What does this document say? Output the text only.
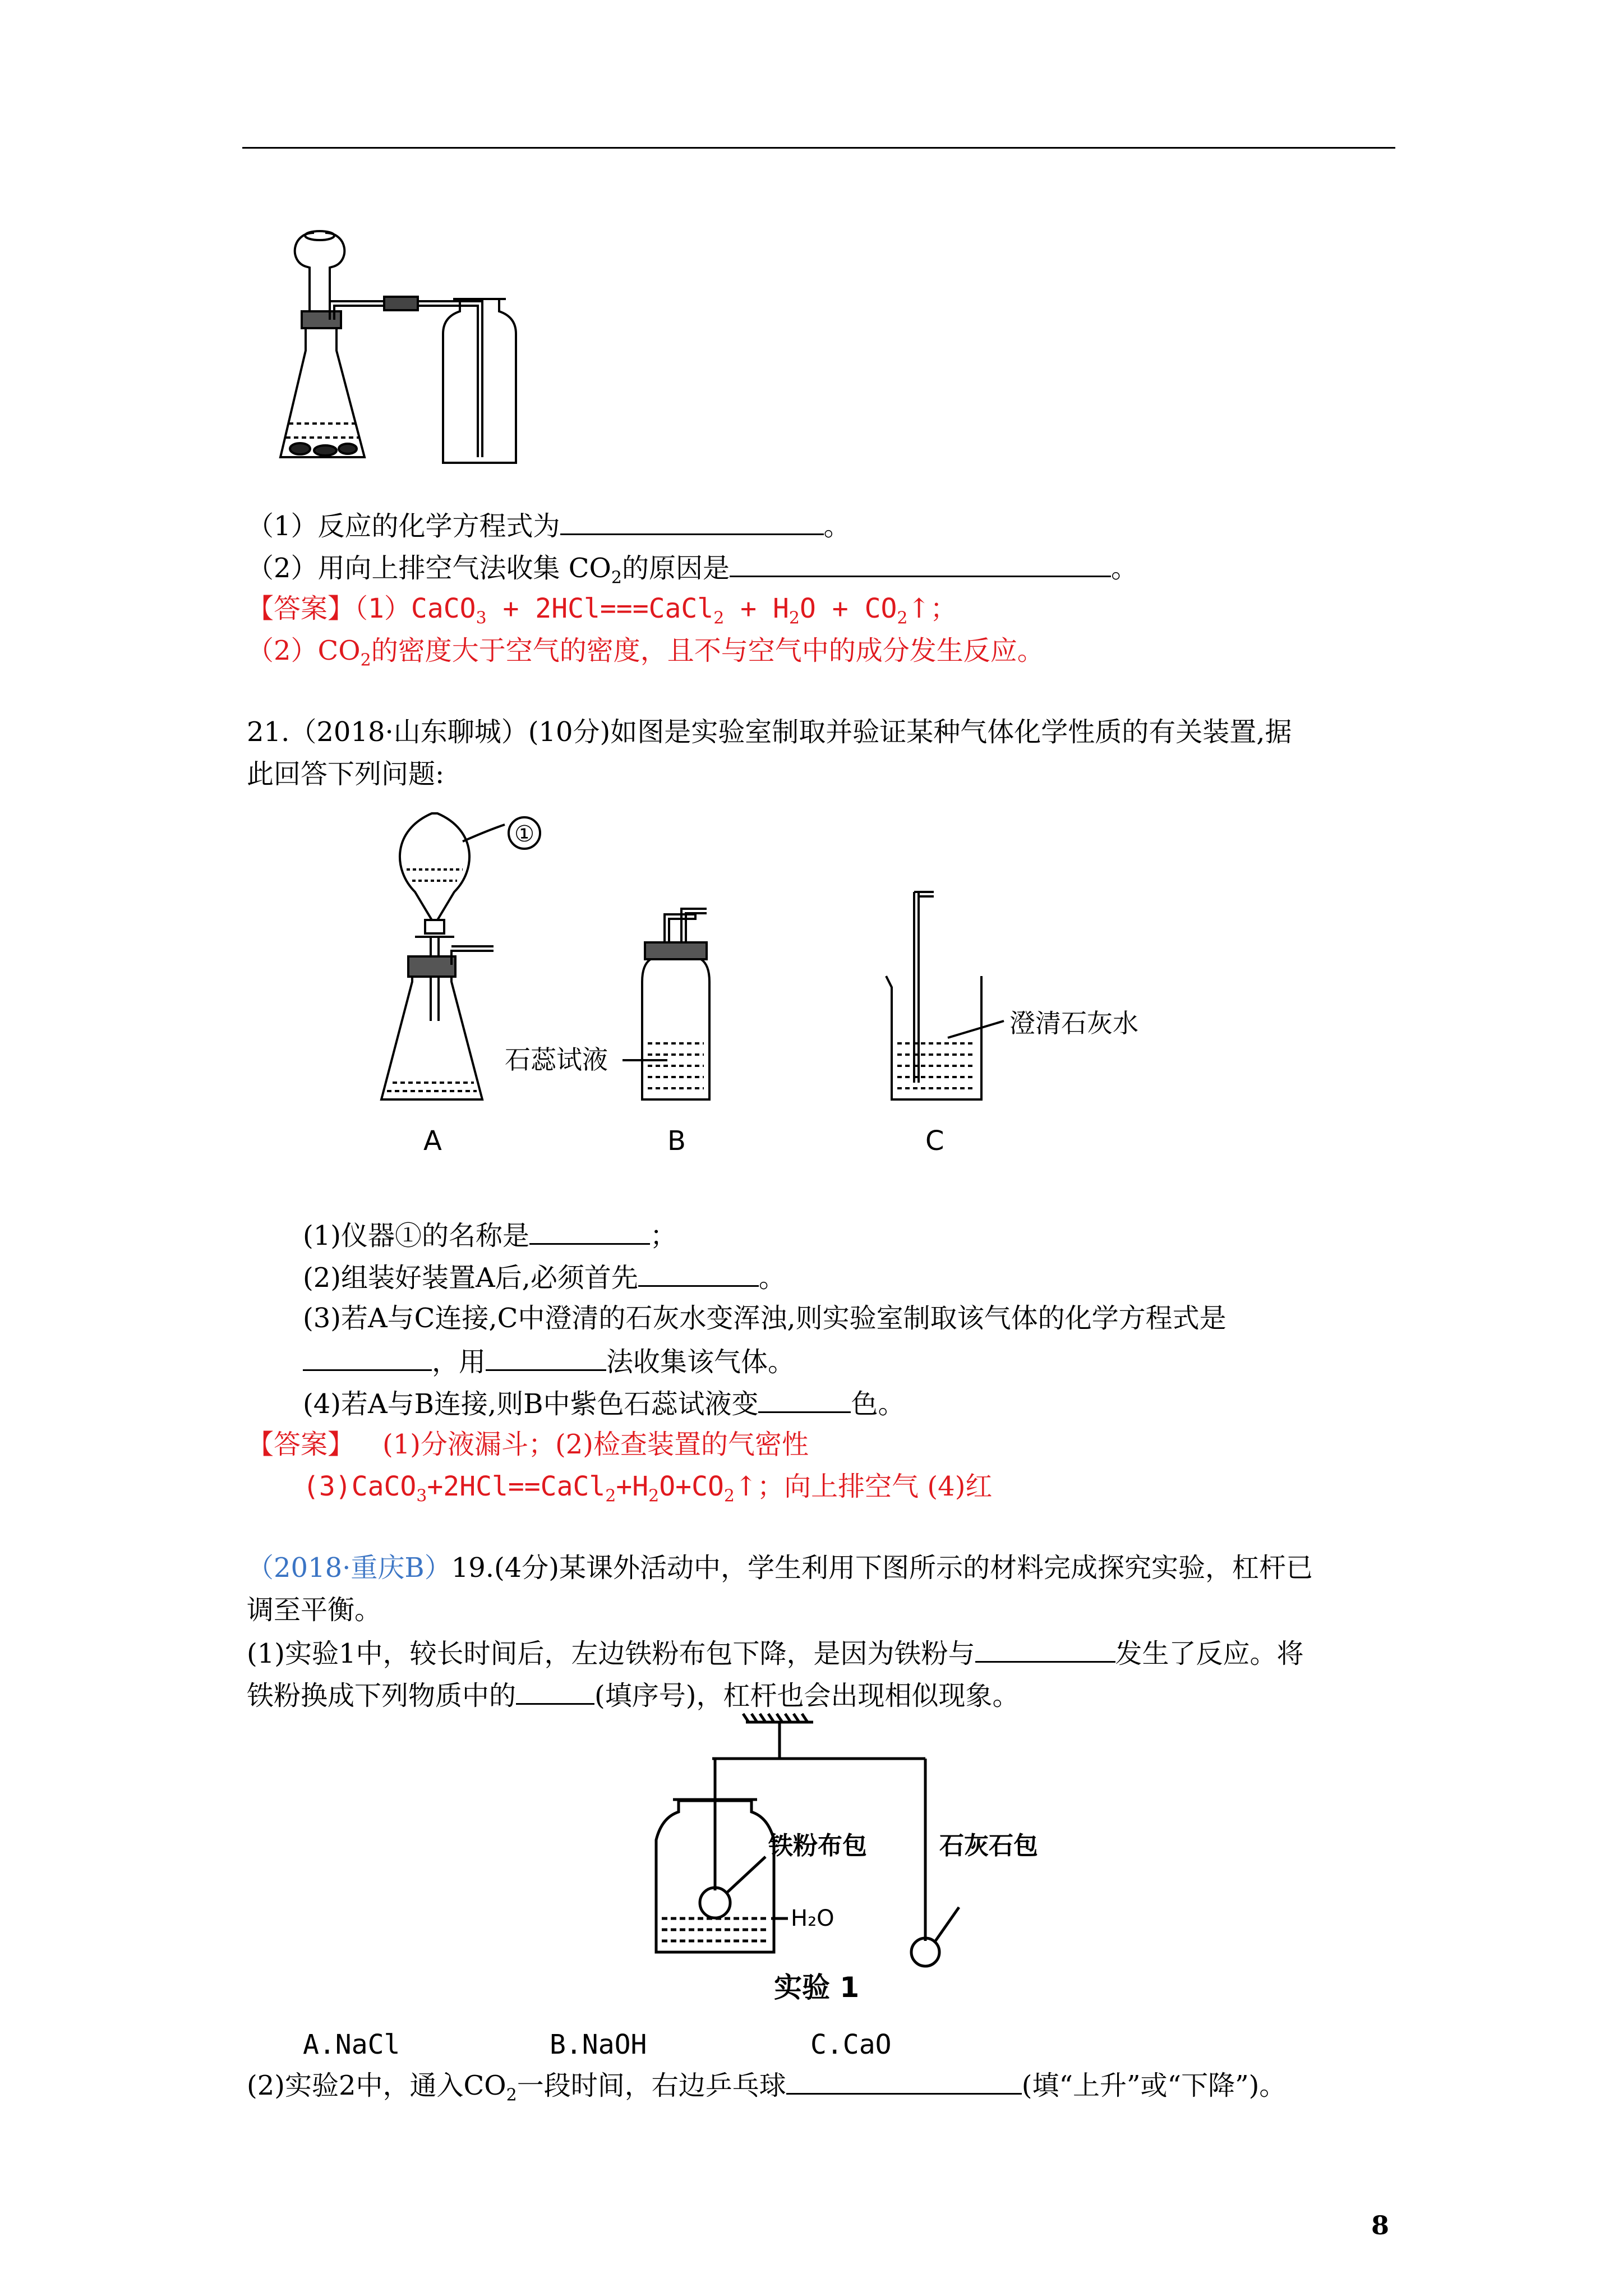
（1）反应的化学方程式为	。
（2）用向上排空气法收集 $CO_2$的原因是	。
【答案】（1）CaCO$_3$ + 2HCl===CaCl$_2$ + $H_2O$ + $CO_2↑$；
$(2)CO_2$的密度大于空气的密度，且不与空气中的成分发生反应。
21.（2018·山东聊城）(10分)如图是实验室制取并验证某种气体化学性质的有关装置,据
此回答下列问题:
①
石蕊试液
澄清石灰水
A	B	C
(1)仪器①的名称是	；
(2)组装好装置A后,必须首先	。
(3)若A与C连接,C中澄清的石灰水变浑浊,则实验室制取该气体的化学方程式是
，用	法收集该气体。
(4)若A与B连接,则B中紫色石蕊试液变	色。
【答案】 (1)分液漏斗；(2)检查装置的气密性
$(3)CaCO_3+2HCl==CaCl_2+H_2O+CO_2↑$；向上排空气 (4)红
（2018·重庆B）19.(4分)某课外活动中，学生利用下图所示的材料完成探究实验，杠杆已
调至平衡。
(1)实验1中，较长时间后，左边铁粉布包下降，是因为铁粉与	发生了反应。将
铁粉换成下列物质中的	(填序号)，杠杆也会出现相似现象。
铁粉布包	石灰石包
H₂O
实验 1
A.NaCl	B.NaOH	C.CaO
(2)实验2中，通入$CO_2$一段时间，右边乒乓球	(填“上升”或“下降”)。
8
